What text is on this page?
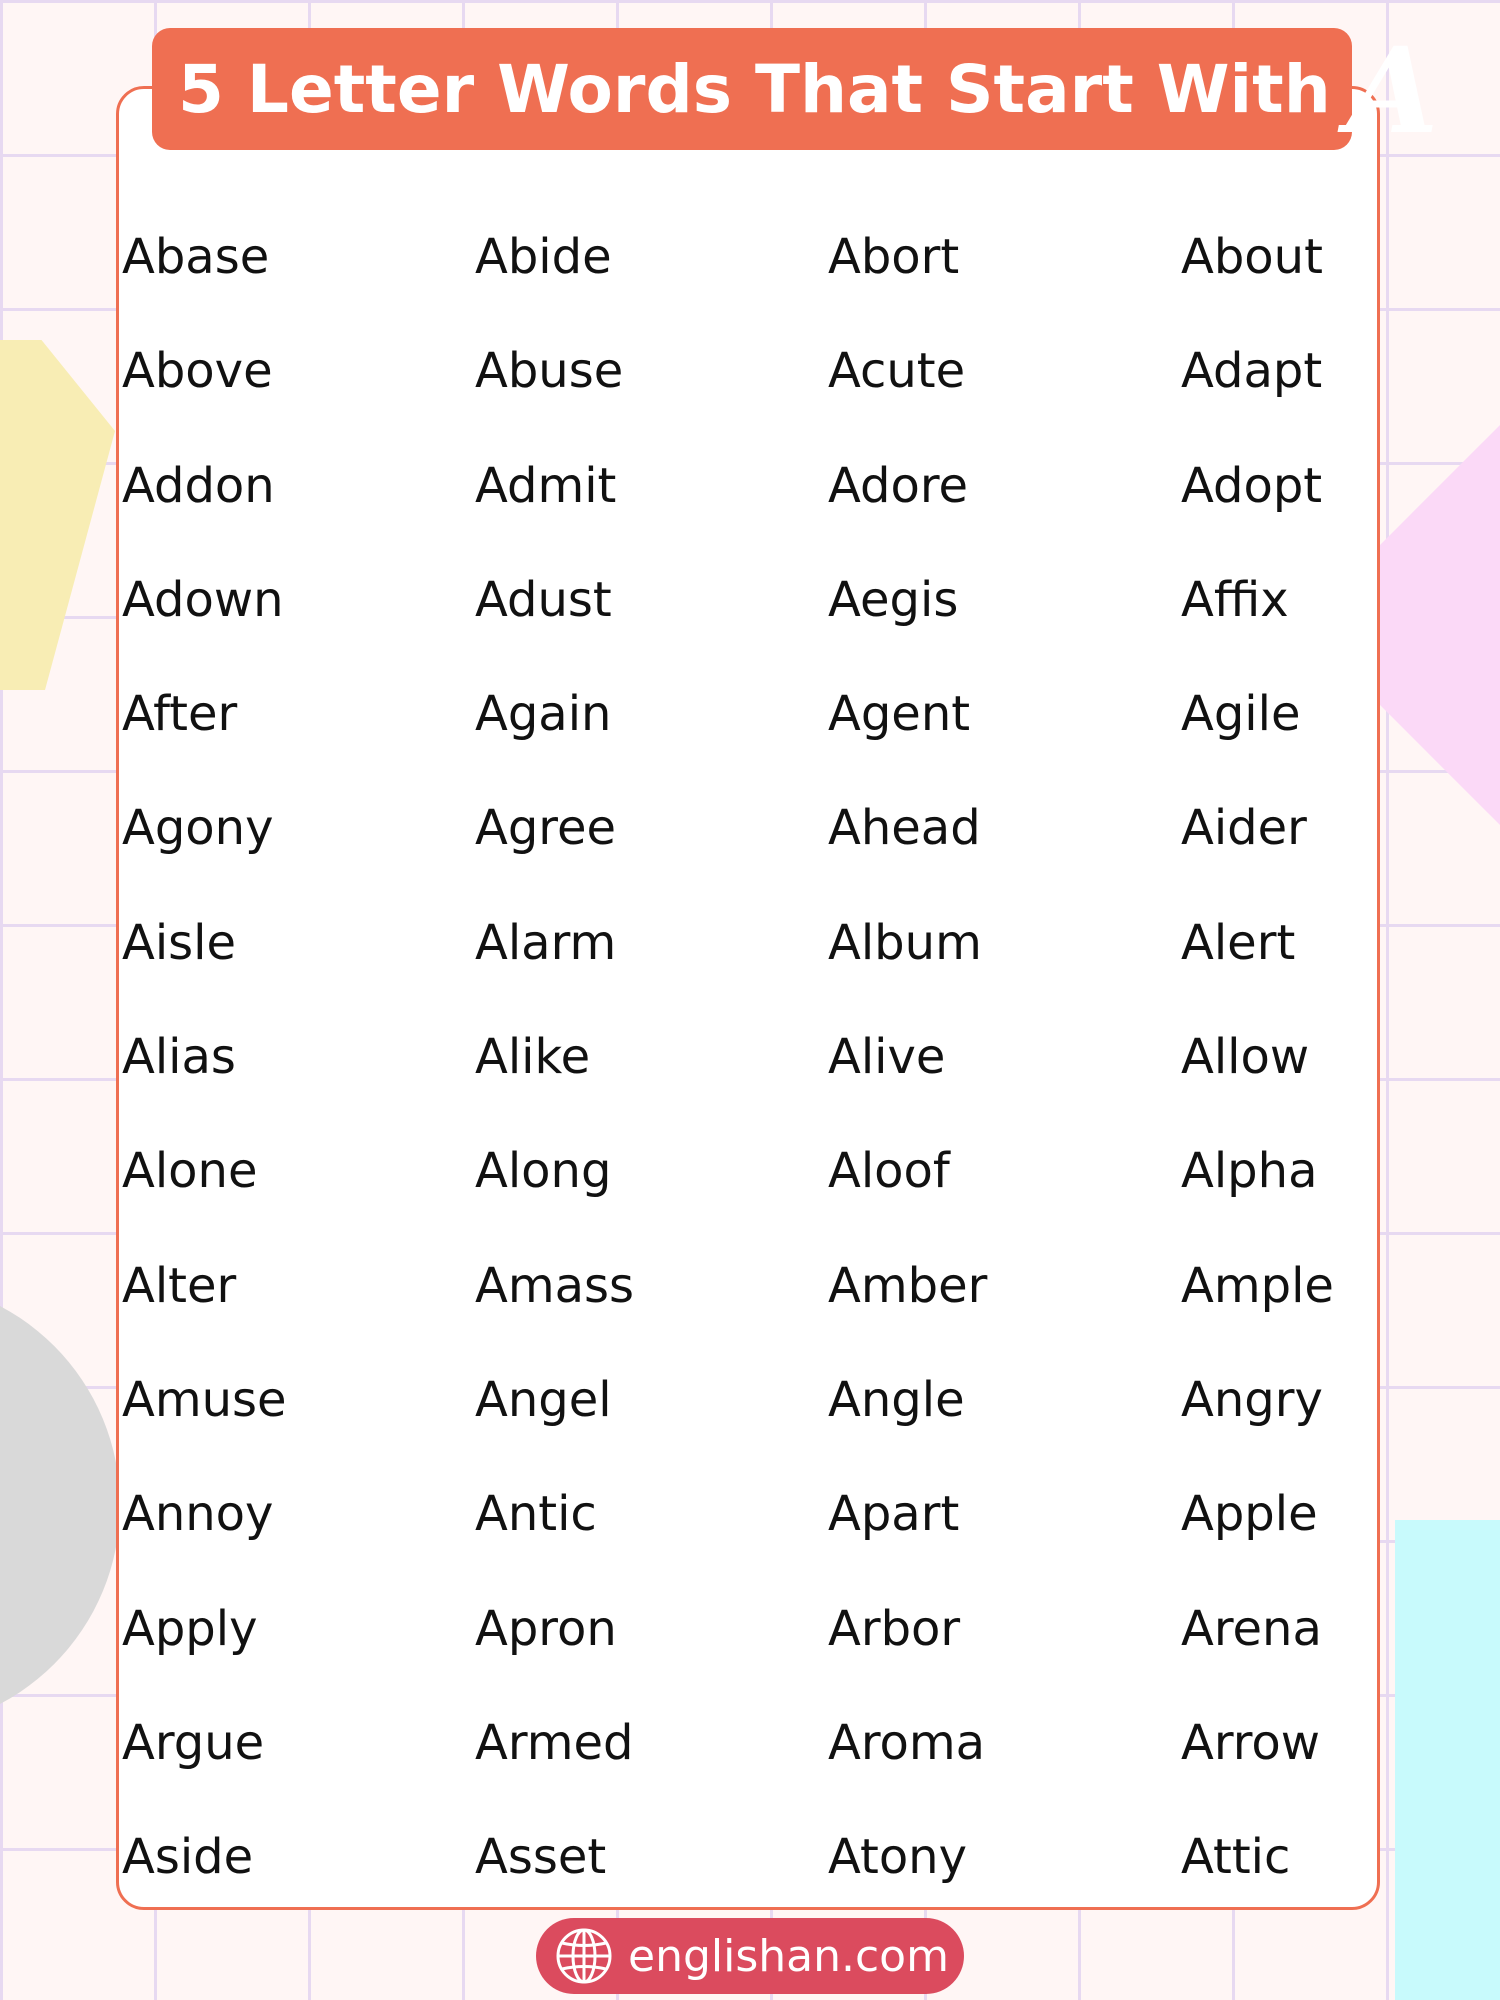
5 Letter Words That Start With A
Abase	Abide	Abort	About
Above	Abuse	Acute	Adapt
Addon	Admit	Adore	Adopt
Adown	Adust	Aegis	Affix
After	Again	Agent	Agile
Agony	Agree	Ahead	Aider
Aisle	Alarm	Album	Alert
Alias	Alike	Alive	Allow
Alone	Along	Aloof	Alpha
Alter	Amass	Amber	Ample
Amuse	Angel	Angle	Angry
Annoy	Antic	Apart	Apple
Apply	Apron	Arbor	Arena
Argue	Armed	Aroma	Arrow
Aside	Asset	Atony	Attic
englishan.com
